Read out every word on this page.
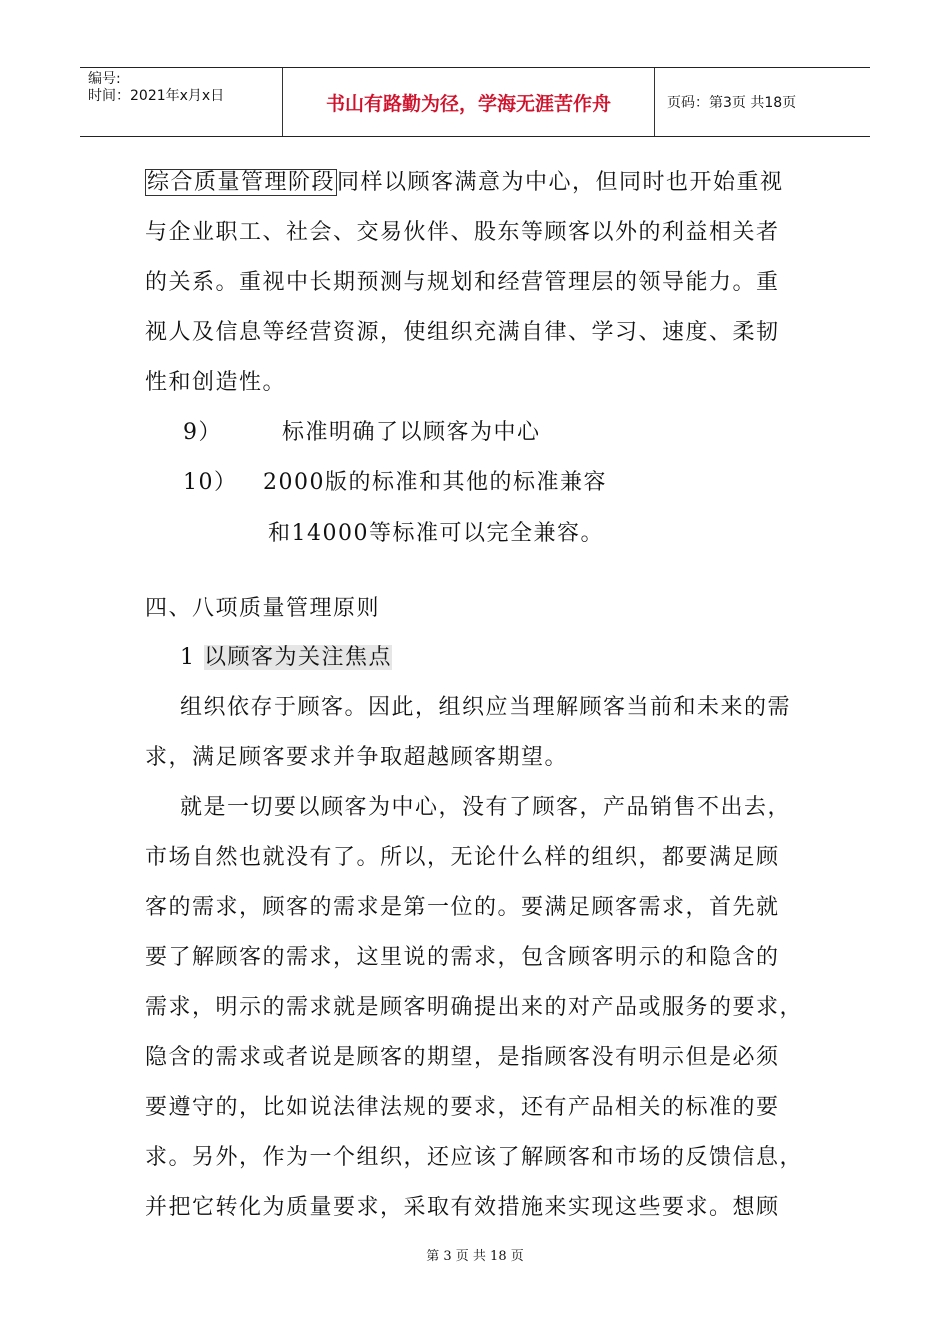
编号:
时间：2021年x月x日	书山有路勤为径，学海无涯苦作舟	页码：第3页 共18页
综合质量管理阶段同样以顾客满意为中心，但同时也开始重视
与企业职工、社会、交易伙伴、股东等顾客以外的利益相关者
的关系。重视中长期预测与规划和经营管理层的领导能力。重
视人及信息等经营资源，使组织充满自律、学习、速度、柔韧
性和创造性。
9）	标准明确了以顾客为中心
10） 2000版的标准和其他的标准兼容
和14000等标准可以完全兼容。
四、八项质量管理原则
1 以顾客为关注焦点
组织依存于顾客。因此，组织应当理解顾客当前和未来的需
求，满足顾客要求并争取超越顾客期望。
就是一切要以顾客为中心，没有了顾客，产品销售不出去，
市场自然也就没有了。所以，无论什么样的组织，都要满足顾
客的需求，顾客的需求是第一位的。要满足顾客需求，首先就
要了解顾客的需求，这里说的需求，包含顾客明示的和隐含的
需求，明示的需求就是顾客明确提出来的对产品或服务的要求，
隐含的需求或者说是顾客的期望，是指顾客没有明示但是必须
要遵守的，比如说法律法规的要求，还有产品相关的标准的要
求。另外，作为一个组织，还应该了解顾客和市场的反馈信息，
并把它转化为质量要求，采取有效措施来实现这些要求。想顾
第 3 页 共 18 页
